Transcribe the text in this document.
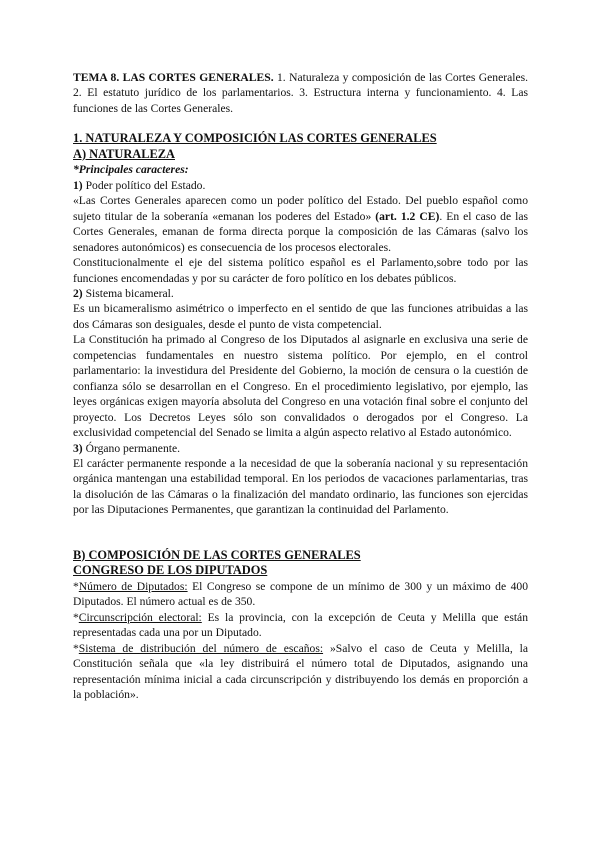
TEMA 8. LAS CORTES GENERALES. 1. Naturaleza y composición de las Cortes Generales. 2. El estatuto jurídico de los parlamentarios. 3. Estructura interna y funcionamiento. 4. Las funciones de las Cortes Generales.

1. NATURALEZA Y COMPOSICIÓN LAS CORTES GENERALES

A) NATURALEZA

*Principales caracteres:

1) Poder político del Estado.

«Las Cortes Generales aparecen como un poder político del Estado. Del pueblo español como sujeto titular de la soberanía «emanan los poderes del Estado» (art. 1.2 CE). En el caso de las Cortes Generales, emanan de forma directa porque la composición de las Cámaras (salvo los senadores autonómicos) es consecuencia de los procesos electorales.

Constitucionalmente el eje del sistema político español es el Parlamento,sobre todo por las funciones encomendadas y por su carácter de foro político en los debates públicos.

2) Sistema bicameral.

Es un bicameralismo asimétrico o imperfecto en el sentido de que las funciones atribuidas a las dos Cámaras son desiguales, desde el punto de vista competencial.

La Constitución ha primado al Congreso de los Diputados al asignarle en exclusiva una serie de competencias fundamentales en nuestro sistema político. Por ejemplo, en el control parlamentario: la investidura del Presidente del Gobierno, la moción de censura o la cuestión de confianza sólo se desarrollan en el Congreso. En el procedimiento legislativo, por ejemplo, las leyes orgánicas exigen mayoría absoluta del Congreso en una votación final sobre el conjunto del proyecto. Los Decretos Leyes sólo son convalidados o derogados por el Congreso. La exclusividad competencial del Senado se limita a algún aspecto relativo al Estado autonómico.

3) Órgano permanente.

El carácter permanente responde a la necesidad de que la soberanía nacional y su representación orgánica mantengan una estabilidad temporal. En los periodos de vacaciones parlamentarias, tras la disolución de las Cámaras o la finalización del mandato ordinario, las funciones son ejercidas por las Diputaciones Permanentes, que garantizan la continuidad del Parlamento.

B) COMPOSICIÓN DE LAS CORTES GENERALES

CONGRESO DE LOS DIPUTADOS

*Número de Diputados: El Congreso se compone de un mínimo de 300 y un máximo de 400 Diputados. El número actual es de 350.

*Circunscripción electoral: Es la provincia, con la excepción de Ceuta y Melilla que están representadas cada una por un Diputado.

*Sistema de distribución del número de escaños: »Salvo el caso de Ceuta y Melilla, la Constitución señala que «la ley distribuirá el número total de Diputados, asignando una representación mínima inicial a cada circunscripción y distribuyendo los demás en proporción a la población».
